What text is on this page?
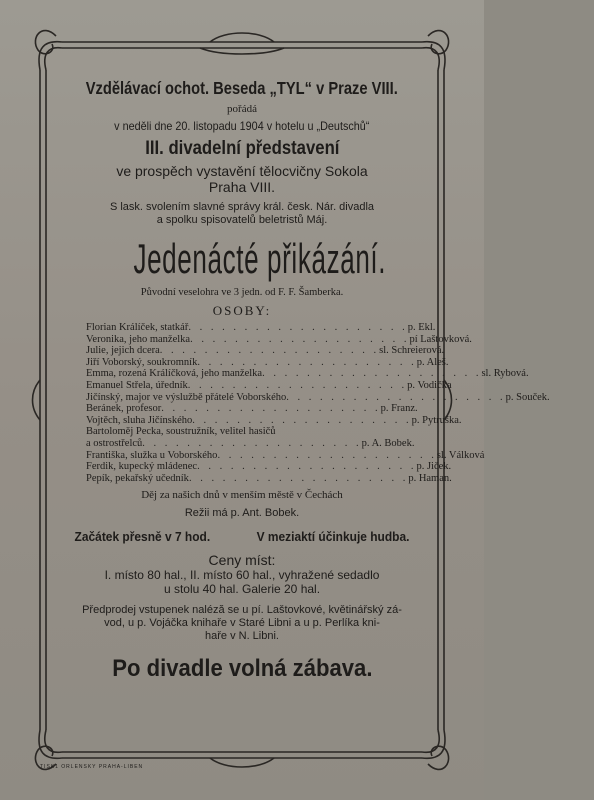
Vzdělávací ochot. Beseda „TYL“ v Praze VIII.
pořádá
v neděli dne 20. listopadu 1904 v hotelu u „Deutschů“
III. divadelní představení
ve prospěch vystavění tělocvičny Sokola
Praha VIII.
S lask. svolením slavné správy král. česk. Nár. divadla
a spolku spisovatelů beletristů Máj.
Jedenácté přikázání.
Původní veselohra ve 3 jedn. od F. F. Šamberka.
OSOBY:
Florian Králíček, statkář . . . . . . . . . . . . . . . . . . . . p. Ekl.
Veronika, jeho manželka . . . . . . . . . . . . . . . . . . . . pí Laštovková.
Julie, jejich dcera . . . . . . . . . . . . . . . . . . . . sl. Schreierová.
Jiří Voborský, soukromník . . . . . . . . . . . . . . . . . . . . p. Aleš.
Emma, rozená Králíčková, jeho manželka . . . . . . . . . . . . . . . . . . . . sl. Rybová.
Emanuel Střela, úředník . . . . . . . . . . . . . . . . . . . . p. Vodička
Jičínský, major ve výslužbě přátelé Voborského . . . . . . . . . . . . . . . . . . . . p. Souček.
Beránek, profesor . . . . . . . . . . . . . . . . . . . . p. Franz.
Vojtěch, sluha Jičínského . . . . . . . . . . . . . . . . . . . . p. Pytruška.
Bartoloměj Pecka, soustružník, velitel hasičů
a ostrostřelců . . . . . . . . . . . . . . . . . . . . p. A. Bobek.
Františka, služka u Voborského . . . . . . . . . . . . . . . . . . . . sl. Válková
Ferdik, kupecký mládenec . . . . . . . . . . . . . . . . . . . . p. Jiček.
Pepík, pekařský učedník . . . . . . . . . . . . . . . . . . . . p. Haman.
Děj za našich dnů v menším městě v Čechách
Režii má p. Ant. Bobek.
Začátek přesně v 7 hod.	V meziaktí účinkuje hudba.
Ceny míst:
I. místo 80 hal., II. místo 60 hal., vyhražené sedadlo
u stolu 40 hal. Galerie 20 hal.
Předprodej vstupenek naléză se u pí. Laštovkové, květinářský zá-
vod, u p. Vojáčka knihaře v Staré Libni a u p. Perlíka kni-
haře v N. Libni.
Po divadle volná zábava.
TISK1 ORLENSKY PRAHA-LIBEN
